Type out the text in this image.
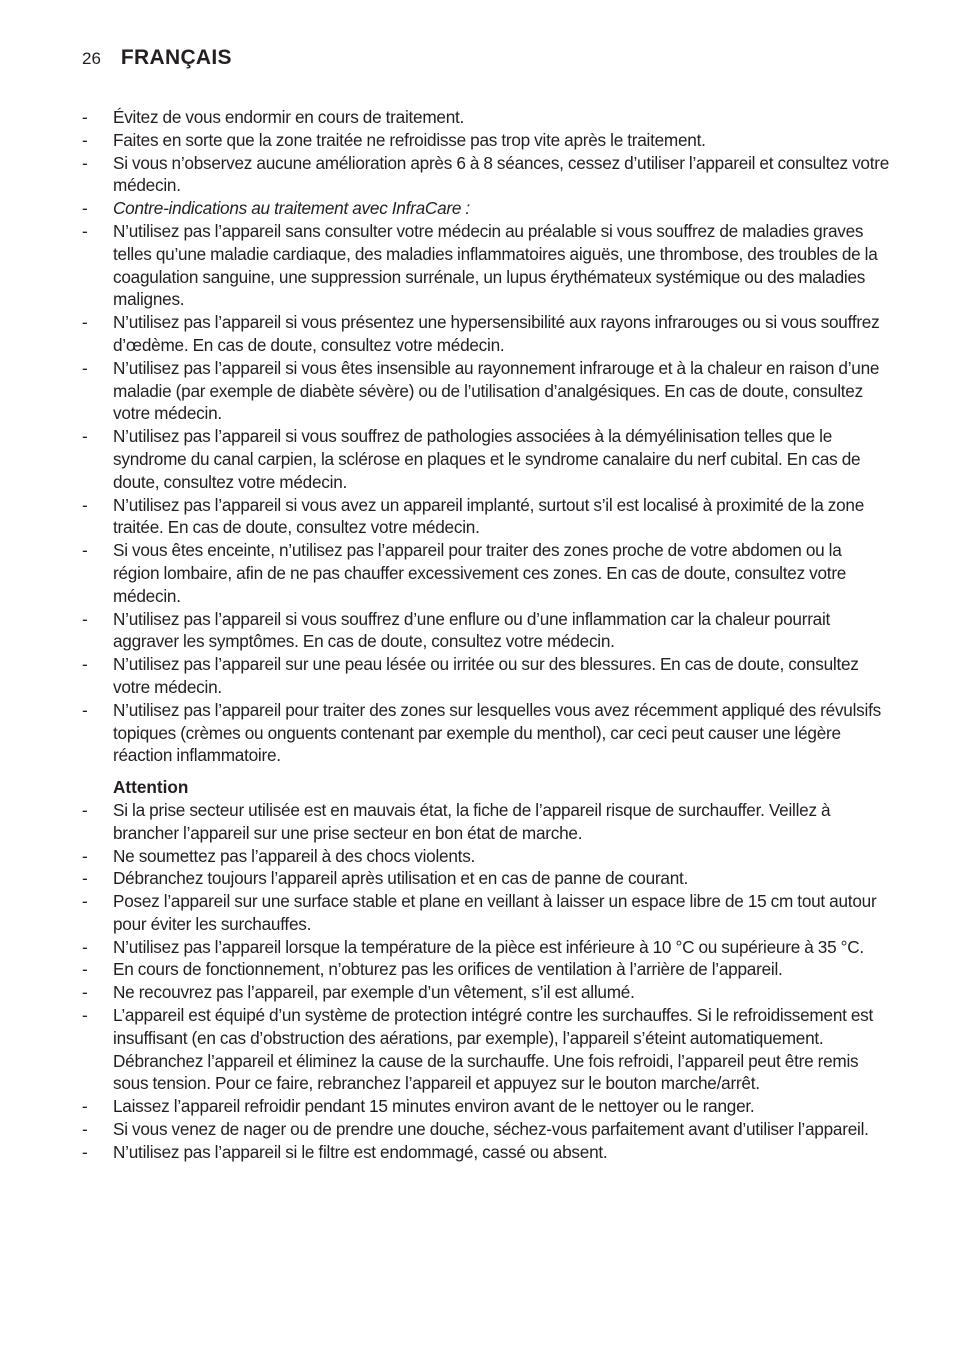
26 FRANÇAIS
- Évitez de vous endormir en cours de traitement.
- Faites en sorte que la zone traitée ne refroidisse pas trop vite après le traitement.
- Si vous n’observez aucune amélioration après 6 à 8 séances, cessez d’utiliser l’appareil et consultez votre médecin.
- Contre-indications au traitement avec InfraCare :
- N’utilisez pas l’appareil sans consulter votre médecin au préalable si vous souffrez de maladies graves telles qu’une maladie cardiaque, des maladies inflammatoires aiguës, une thrombose, des troubles de la coagulation sanguine, une suppression surrénale, un lupus érythémateux systémique ou des maladies malignes.
- N’utilisez pas l’appareil si vous présentez une hypersensibilité aux rayons infrarouges ou si vous souffrez d’œdème. En cas de doute, consultez votre médecin.
- N’utilisez pas l’appareil si vous êtes insensible au rayonnement infrarouge et à la chaleur en raison d’une maladie (par exemple de diabète sévère) ou de l’utilisation d’analgésiques. En cas de doute, consultez votre médecin.
- N’utilisez pas l’appareil si vous souffrez de pathologies associées à la démyélinisation telles que le syndrome du canal carpien, la sclérose en plaques et le syndrome canalaire du nerf cubital. En cas de doute, consultez votre médecin.
- N’utilisez pas l’appareil si vous avez un appareil implanté, surtout s’il est localisé à proximité de la zone traitée. En cas de doute, consultez votre médecin.
- Si vous êtes enceinte, n’utilisez pas l’appareil pour traiter des zones proche de votre abdomen ou la région lombaire, afin de ne pas chauffer excessivement ces zones. En cas de doute, consultez votre médecin.
- N’utilisez pas l’appareil si vous souffrez d’une enflure ou d’une inflammation car la chaleur pourrait aggraver les symptômes. En cas de doute, consultez votre médecin.
- N’utilisez pas l’appareil sur une peau lésée ou irritée ou sur des blessures. En cas de doute, consultez votre médecin.
- N’utilisez pas l’appareil pour traiter des zones sur lesquelles vous avez récemment appliqué des révulsifs topiques (crèmes ou onguents contenant par exemple du menthol), car ceci peut causer une légère réaction inflammatoire.
Attention
- Si la prise secteur utilisée est en mauvais état, la fiche de l’appareil risque de surchauffer. Veillez à brancher l’appareil sur une prise secteur en bon état de marche.
- Ne soumettez pas l’appareil à des chocs violents.
- Débranchez toujours l’appareil après utilisation et en cas de panne de courant.
- Posez l’appareil sur une surface stable et plane en veillant à laisser un espace libre de 15 cm tout autour pour éviter les surchauffes.
- N’utilisez pas l’appareil lorsque la température de la pièce est inférieure à 10 °C ou supérieure à 35 °C.
- En cours de fonctionnement, n’obturez pas les orifices de ventilation à l’arrière de l’appareil.
- Ne recouvrez pas l’appareil, par exemple d’un vêtement, s’il est allumé.
- L’appareil est équipé d’un système de protection intégré contre les surchauffes. Si le refroidissement est insuffisant (en cas d’obstruction des aérations, par exemple), l’appareil s’éteint automatiquement. Débranchez l’appareil et éliminez la cause de la surchauffe. Une fois refroidi, l’appareil peut être remis sous tension. Pour ce faire, rebranchez l’appareil et appuyez sur le bouton marche/arrêt.
- Laissez l’appareil refroidir pendant 15 minutes environ avant de le nettoyer ou le ranger.
- Si vous venez de nager ou de prendre une douche, séchez-vous parfaitement avant d’utiliser l’appareil.
- N’utilisez pas l’appareil si le filtre est endommagé, cassé ou absent.
